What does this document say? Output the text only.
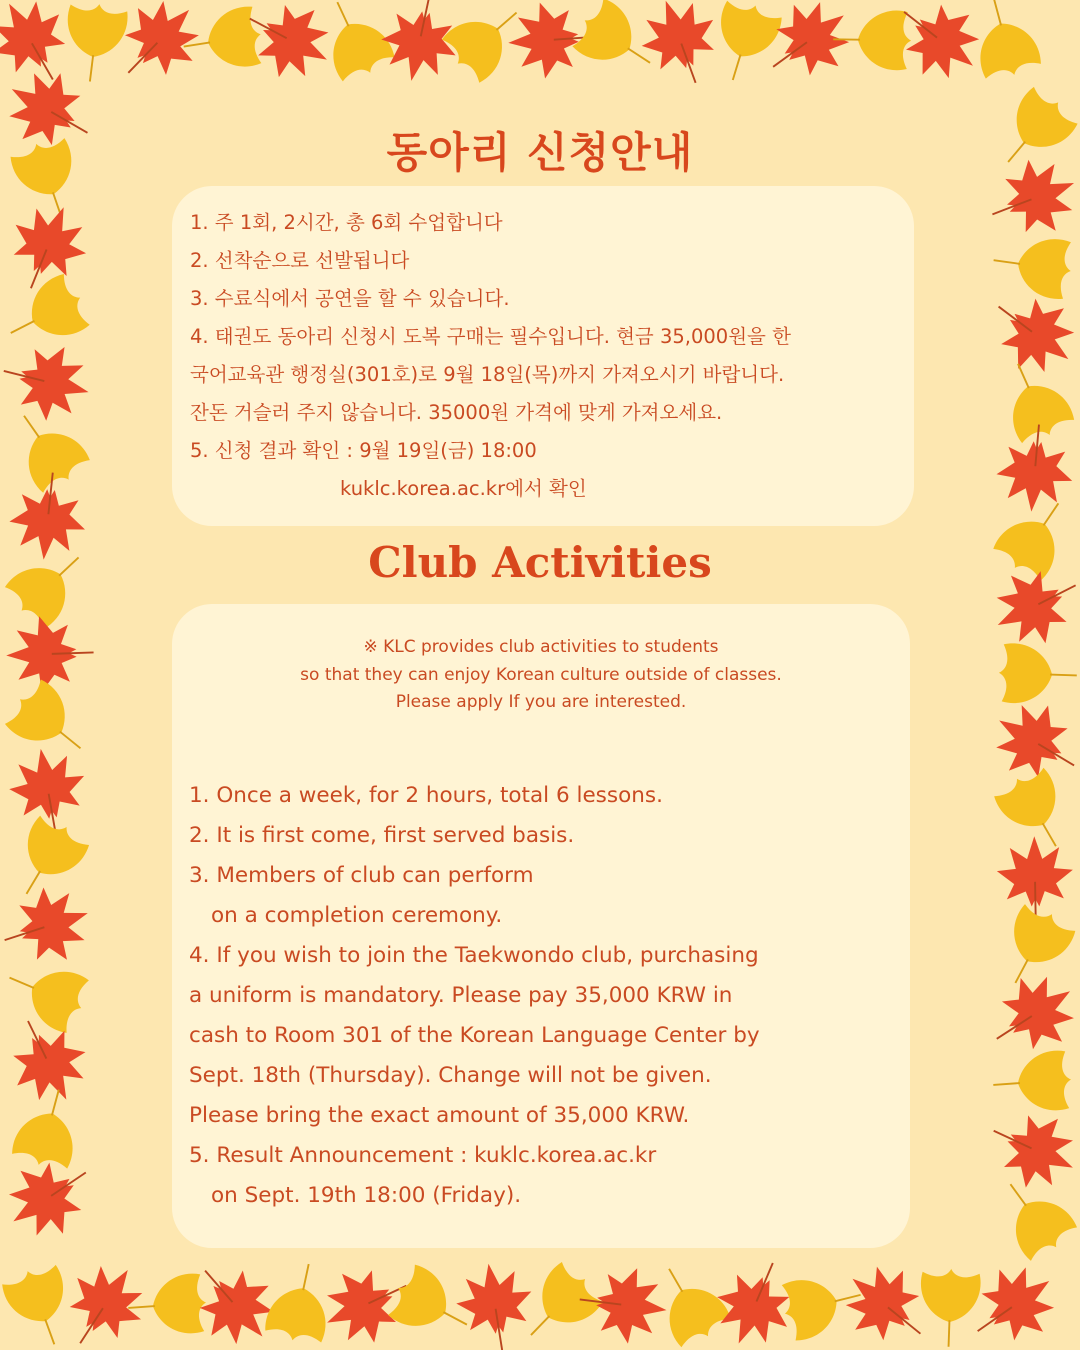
동아리 신청안내
1. 주 1회, 2시간, 총 6회 수업합니다
2. 선착순으로 선발됩니다
3. 수료식에서 공연을 할 수 있습니다.
4. 태권도 동아리 신청시 도복 구매는 필수입니다. 현금 35,000원을 한
국어교육관 행정실(301호)로 9월 18일(목)까지 가져오시기 바랍니다.
잔돈 거슬러 주지 않습니다. 35000원 가격에 맞게 가져오세요.
5. 신청 결과 확인 : 9월 19일(금) 18:00
kuklc.korea.ac.kr에서 확인
Club Activities
※ KLC provides club activities to students
so that they can enjoy Korean culture outside of classes.
Please apply If you are interested.
1. Once a week, for 2 hours, total 6 lessons.
2. It is first come, first served basis.
3. Members of club can perform
on a completion ceremony.
4. If you wish to join the Taekwondo club, purchasing
a uniform is mandatory. Please pay 35,000 KRW in
cash to Room 301 of the Korean Language Center by
Sept. 18th (Thursday). Change will not be given.
Please bring the exact amount of 35,000 KRW.
5. Result Announcement : kuklc.korea.ac.kr
on Sept. 19th 18:00 (Friday).
